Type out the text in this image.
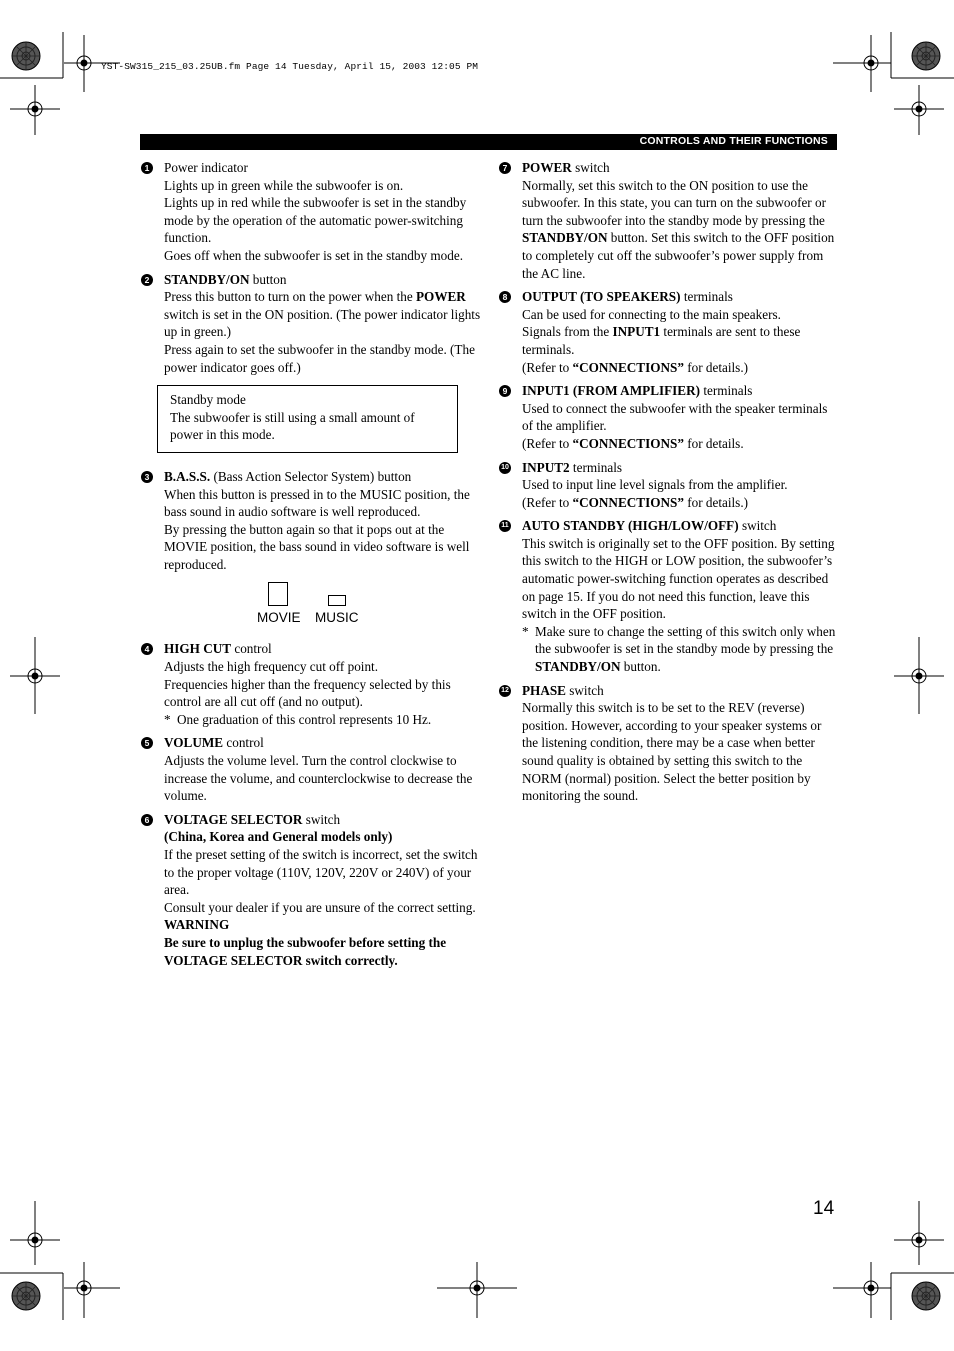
YST-SW315_215_03.25UB.fm Page 14 Tuesday, April 15, 2003 12:05 PM
CONTROLS AND THEIR FUNCTIONS
1 Power indicator
Lights up in green while the subwoofer is on.
Lights up in red while the subwoofer is set in the standby mode by the operation of the automatic power-switching function.
Goes off when the subwoofer is set in the standby mode.
2 STANDBY/ON button
Press this button to turn on the power when the POWER switch is set in the ON position. (The power indicator lights up in green.)
Press again to set the subwoofer in the standby mode. (The power indicator goes off.)
Standby mode
The subwoofer is still using a small amount of power in this mode.
3 B.A.S.S. (Bass Action Selector System) button
When this button is pressed in to the MUSIC position, the bass sound in audio software is well reproduced.
By pressing the button again so that it pops out at the MOVIE position, the bass sound in video software is well reproduced.
MOVIE MUSIC
4 HIGH CUT control
Adjusts the high frequency cut off point.
Frequencies higher than the frequency selected by this control are all cut off (and no output).
* One graduation of this control represents 10 Hz.
5 VOLUME control
Adjusts the volume level. Turn the control clockwise to increase the volume, and counterclockwise to decrease the volume.
6 VOLTAGE SELECTOR switch
(China, Korea and General models only)
If the preset setting of the switch is incorrect, set the switch to the proper voltage (110V, 120V, 220V or 240V) of your area.
Consult your dealer if you are unsure of the correct setting.
WARNING
Be sure to unplug the subwoofer before setting the VOLTAGE SELECTOR switch correctly.
7 POWER switch
Normally, set this switch to the ON position to use the subwoofer. In this state, you can turn on the subwoofer or turn the subwoofer into the standby mode by pressing the STANDBY/ON button. Set this switch to the OFF position to completely cut off the subwoofer’s power supply from the AC line.
8 OUTPUT (TO SPEAKERS) terminals
Can be used for connecting to the main speakers.
Signals from the INPUT1 terminals are sent to these terminals.
(Refer to “CONNECTIONS” for details.)
9 INPUT1 (FROM AMPLIFIER) terminals
Used to connect the subwoofer with the speaker terminals of the amplifier.
(Refer to “CONNECTIONS” for details.
10 INPUT2 terminals
Used to input line level signals from the amplifier.
(Refer to “CONNECTIONS” for details.)
11 AUTO STANDBY (HIGH/LOW/OFF) switch
This switch is originally set to the OFF position. By setting this switch to the HIGH or LOW position, the subwoofer’s automatic power-switching function operates as described on page 15. If you do not need this function, leave this switch in the OFF position.
* Make sure to change the setting of this switch only when the subwoofer is set in the standby mode by pressing the STANDBY/ON button.
12 PHASE switch
Normally this switch is to be set to the REV (reverse) position. However, according to your speaker systems or the listening condition, there may be a case when better sound quality is obtained by setting this switch to the NORM (normal) position. Select the better position by monitoring the sound.
14
